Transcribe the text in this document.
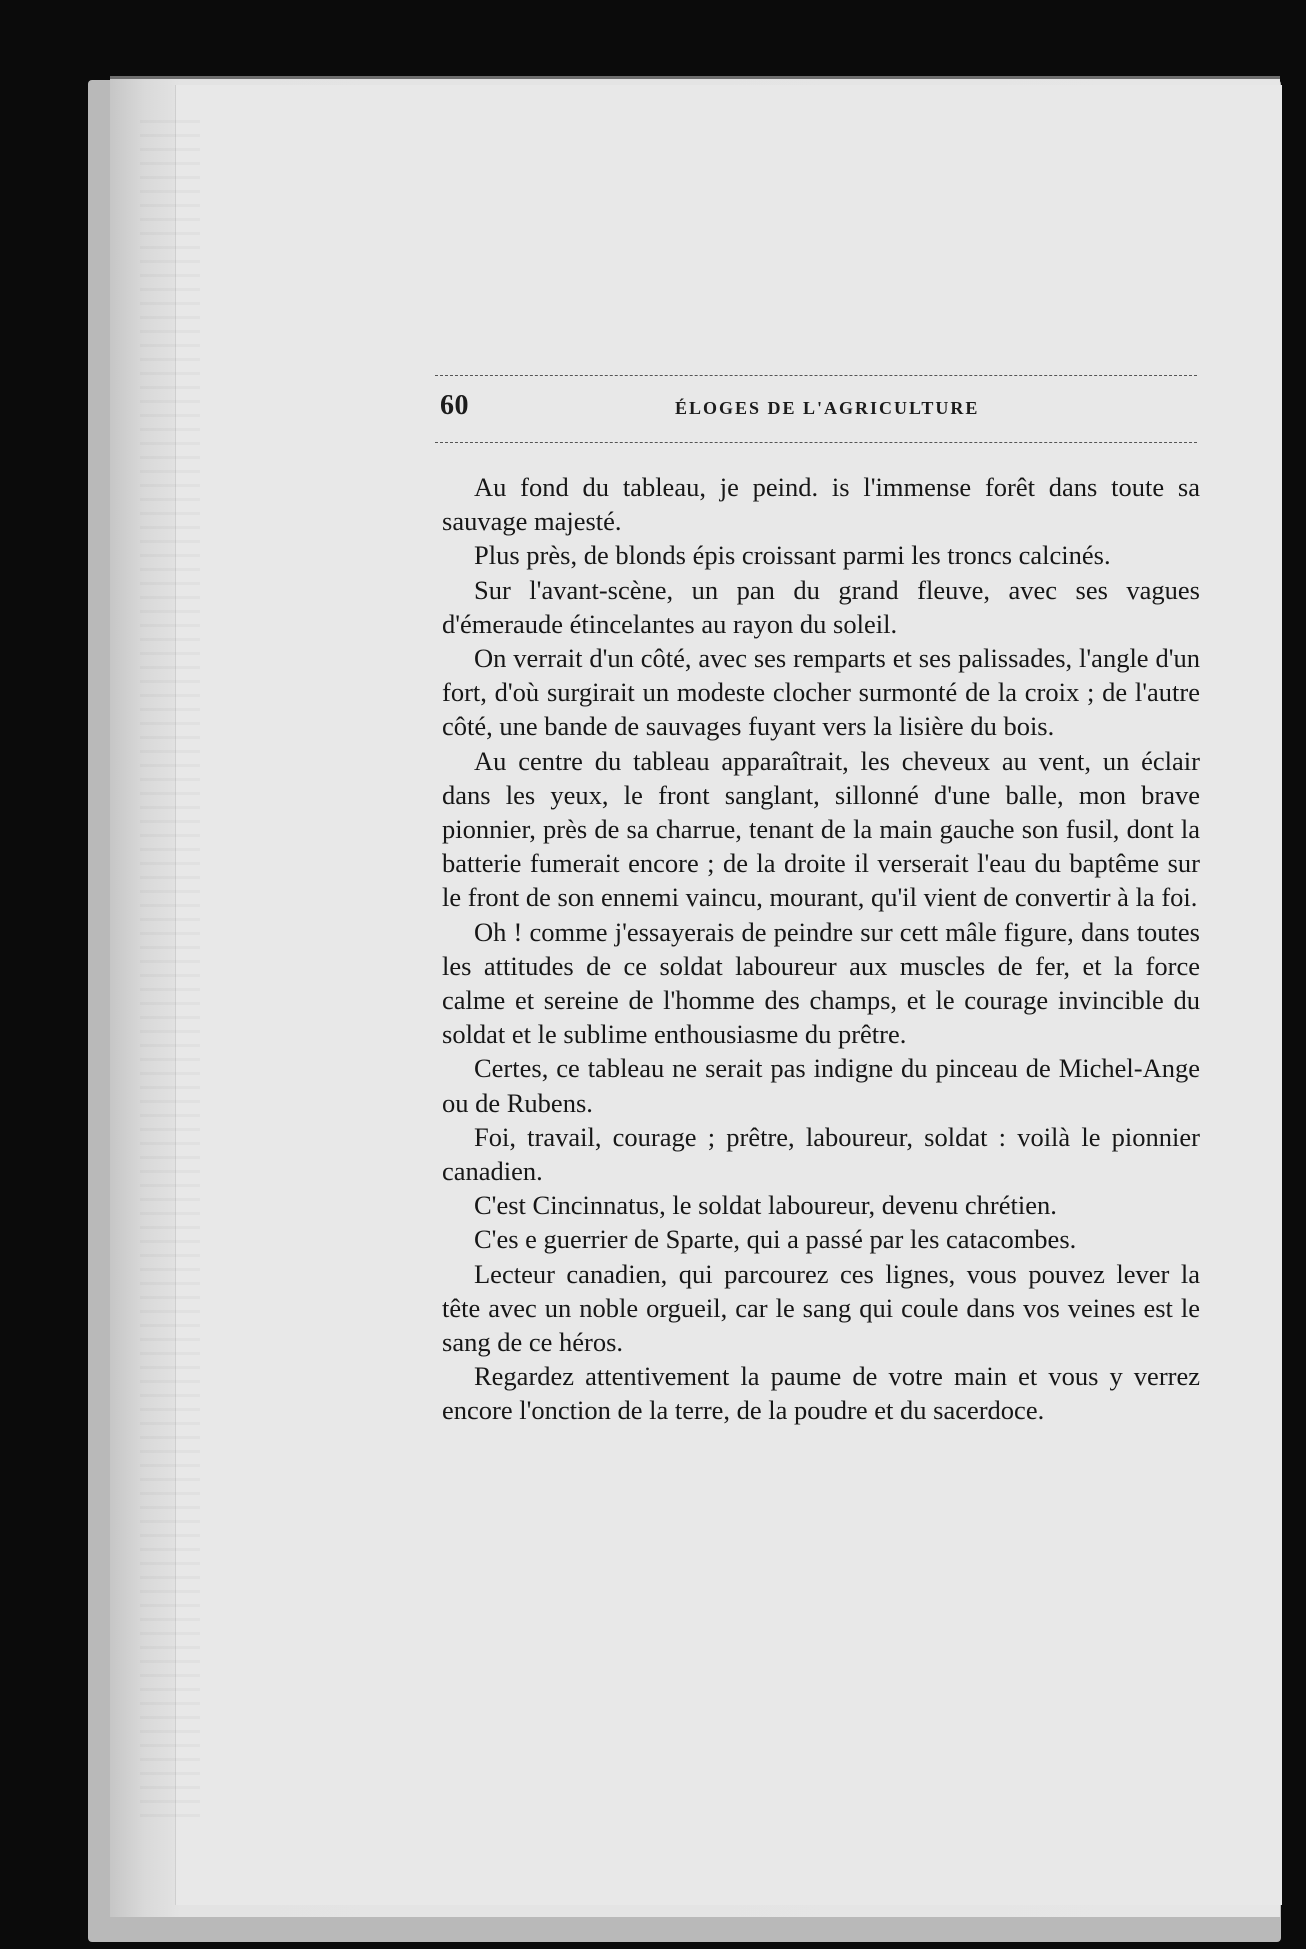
60	ÉLOGES DE L'AGRICULTURE

Au fond du tableau, je peind. is l'immense forêt dans toute sa sauvage majesté.

Plus près, de blonds épis croissant parmi les troncs calcinés.

Sur l'avant-scène, un pan du grand fleuve, avec ses vagues d'émeraude étincelantes au rayon du soleil.

On verrait d'un côté, avec ses remparts et ses palissades, l'angle d'un fort, d'où surgirait un modeste clocher surmonté de la croix ; de l'autre côté, une bande de sauvages fuyant vers la lisière du bois.

Au centre du tableau apparaîtrait, les cheveux au vent, un éclair dans les yeux, le front sanglant, sillonné d'une balle, mon brave pionnier, près de sa charrue, tenant de la main gauche son fusil, dont la batterie fumerait encore ; de la droite il verserait l'eau du baptême sur le front de son ennemi vaincu, mourant, qu'il vient de convertir à la foi.

Oh ! comme j'essayerais de peindre sur cett mâle figure, dans toutes les attitudes de ce soldat laboureur aux muscles de fer, et la force calme et sereine de l'homme des champs, et le courage invincible du soldat et le sublime enthousiasme du prêtre.

Certes, ce tableau ne serait pas indigne du pinceau de Michel-Ange ou de Rubens.

Foi, travail, courage ; prêtre, laboureur, soldat : voilà le pionnier canadien.

C'est Cincinnatus, le soldat laboureur, devenu chrétien.

C'es e guerrier de Sparte, qui a passé par les catacombes.

Lecteur canadien, qui parcourez ces lignes, vous pouvez lever la tête avec un noble orgueil, car le sang qui coule dans vos veines est le sang de ce héros.

Regardez attentivement la paume de votre main et vous y verrez encore l'onction de la terre, de la poudre et du sacerdoce.
